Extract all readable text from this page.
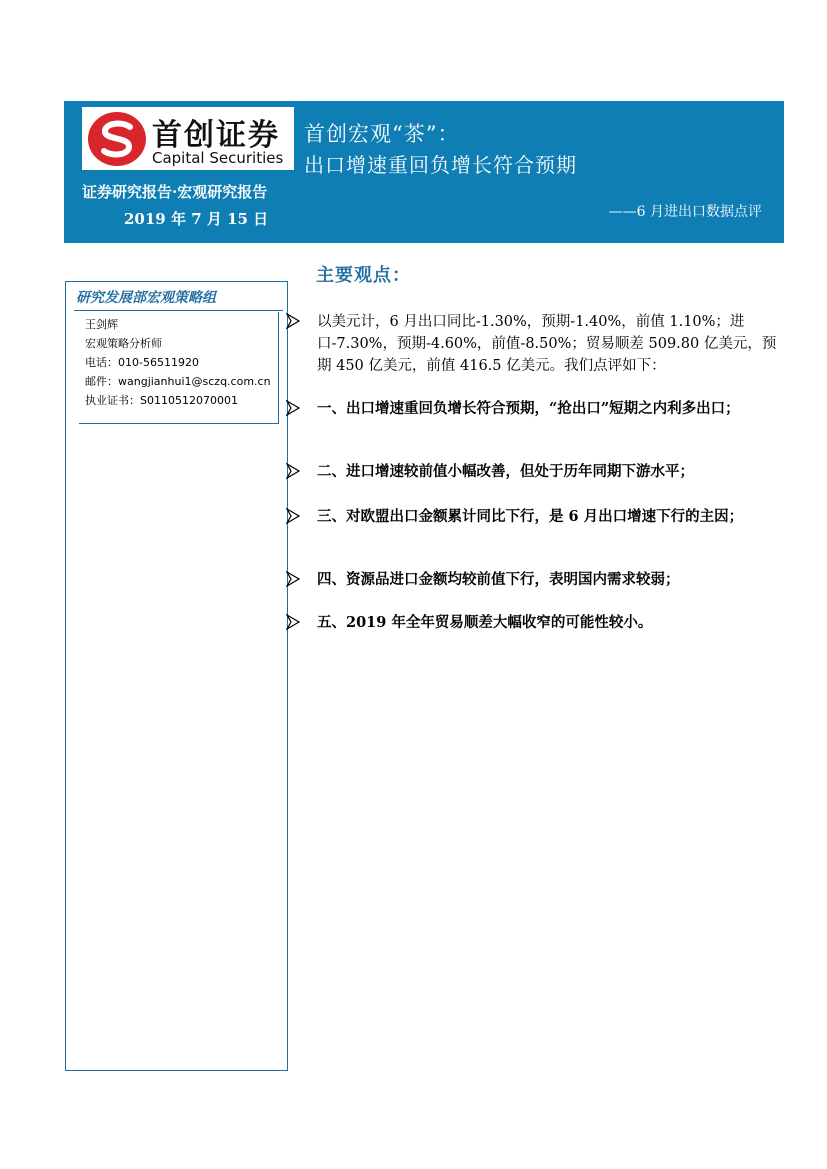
首创证券
Capital Securities
首创宏观“茶”：
出口增速重回负增长符合预期
证券研究报告·宏观研究报告
2019 年 7 月 15 日	——6 月进出口数据点评
研究发展部宏观策略组
王剑辉
宏观策略分析师
电话：010-56511920
邮件：wangjianhui1@sczq.com.cn
执业证书：S0110512070001
主要观点：
以美元计，6 月出口同比-1.30%，预期-1.40%，前值 1.10%；进口-7.30%，预期-4.60%，前值-8.50%；贸易顺差 509.80 亿美元，预期 450 亿美元，前值 416.5 亿美元。我们点评如下：
一、出口增速重回负增长符合预期，“抢出口”短期之内利多出口；
二、进口增速较前值小幅改善，但处于历年同期下游水平；
三、对欧盟出口金额累计同比下行，是 6 月出口增速下行的主因；
四、资源品进口金额均较前值下行，表明国内需求较弱；
五、2019 年全年贸易顺差大幅收窄的可能性较小。
